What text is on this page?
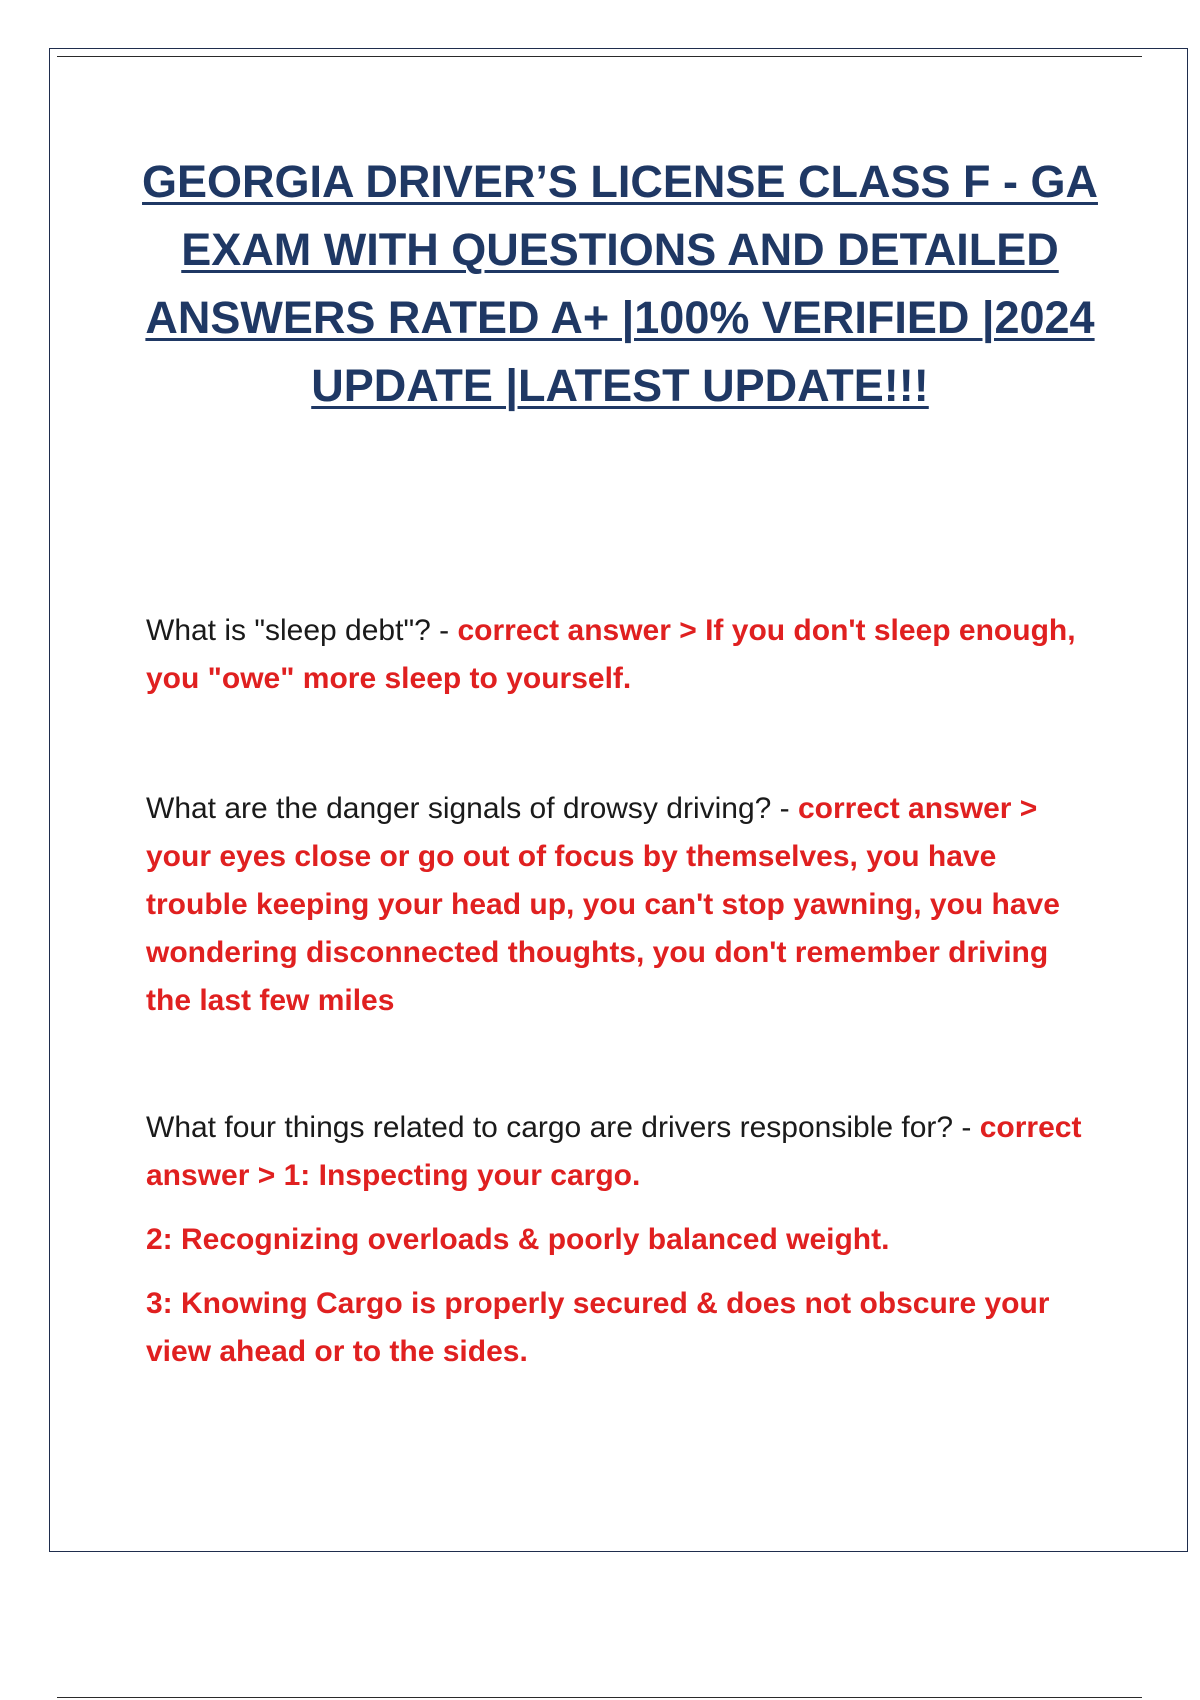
GEORGIA DRIVER’S LICENSE CLASS F - GA EXAM WITH QUESTIONS AND DETAILED ANSWERS RATED A+ |100% VERIFIED |2024 UPDATE |LATEST UPDATE!!!

What is "sleep debt"? - correct answer > If you don't sleep enough, you "owe" more sleep to yourself.

What are the danger signals of drowsy driving? - correct answer > your eyes close or go out of focus by themselves, you have trouble keeping your head up, you can't stop yawning, you have wondering disconnected thoughts, you don't remember driving the last few miles

What four things related to cargo are drivers responsible for? - correct answer > 1: Inspecting your cargo.
2: Recognizing overloads & poorly balanced weight.
3: Knowing Cargo is properly secured & does not obscure your view ahead or to the sides.
